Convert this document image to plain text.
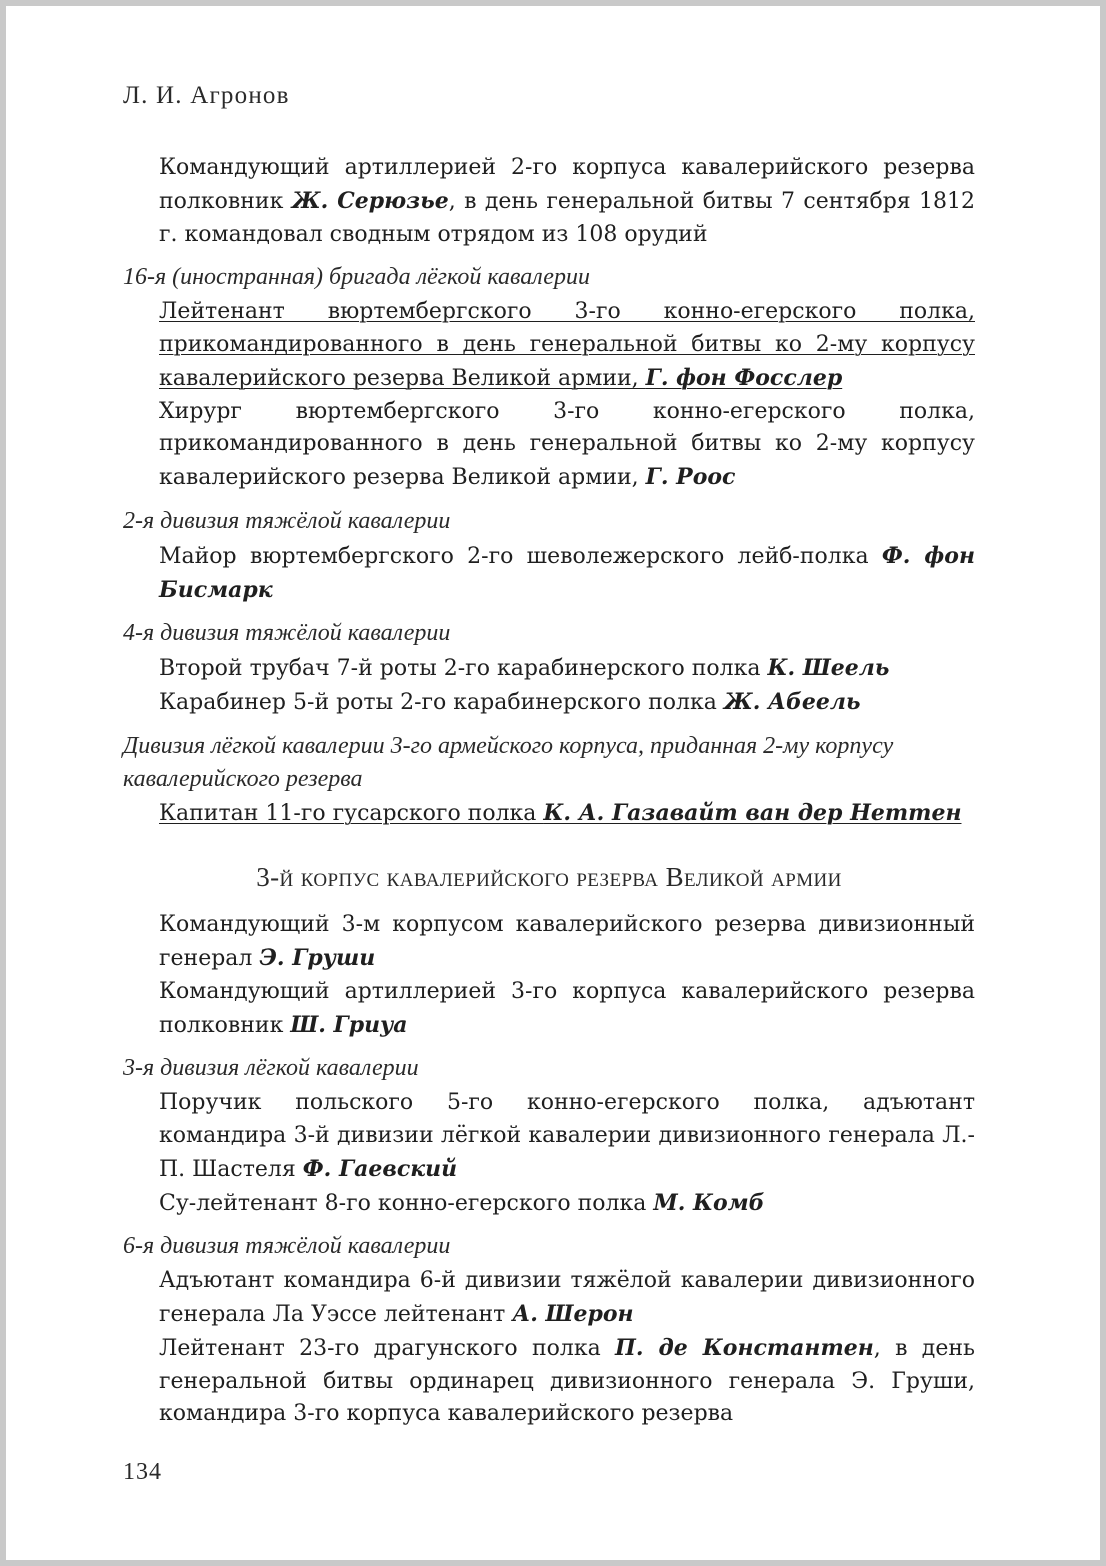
Л. И. Агронов

Командующий артиллерией 2-го корпуса кавалерийского резерва полковник Ж. Серюзье, в день генеральной битвы 7 сентября 1812 г. командовал сводным отрядом из 108 орудий

16-я (иностранная) бригада лёгкой кавалерии

Лейтенант вюртембергского 3-го конно-егерского полка, прикомандированного в день генеральной битвы ко 2-му корпусу кавалерийского резерва Великой армии, Г. фон Фосслер

Хирург вюртембергского 3-го конно-егерского полка, прикомандированного в день генеральной битвы ко 2-му корпусу кавалерийского резерва Великой армии, Г. Роос

2-я дивизия тяжёлой кавалерии

Майор вюртембергского 2-го шеволежерского лейб-полка Ф. фон Бисмарк

4-я дивизия тяжёлой кавалерии

Второй трубач 7-й роты 2-го карабинерского полка К. Шеель

Карабинер 5-й роты 2-го карабинерского полка Ж. Абеель

Дивизия лёгкой кавалерии 3-го армейского корпуса, приданная 2-му корпусу кавалерийского резерва

Капитан 11-го гусарского полка К. А. Газавайт ван дер Неттен

3-й корпус кавалерийского резерва Великой армии

Командующий 3-м корпусом кавалерийского резерва дивизионный генерал Э. Груши

Командующий артиллерией 3-го корпуса кавалерийского резерва полковник Ш. Гриуа

3-я дивизия лёгкой кавалерии

Поручик польского 5-го конно-егерского полка, адъютант командира 3-й дивизии лёгкой кавалерии дивизионного генерала Л.-П. Шастеля Ф. Гаевский

Су-лейтенант 8-го конно-егерского полка М. Комб

6-я дивизия тяжёлой кавалерии

Адъютант командира 6-й дивизии тяжёлой кавалерии дивизионного генерала Ла Уэссе лейтенант А. Шерон

Лейтенант 23-го драгунского полка П. де Константен, в день генеральной битвы ординарец дивизионного генерала Э. Груши, командира 3-го корпуса кавалерийского резерва

134
